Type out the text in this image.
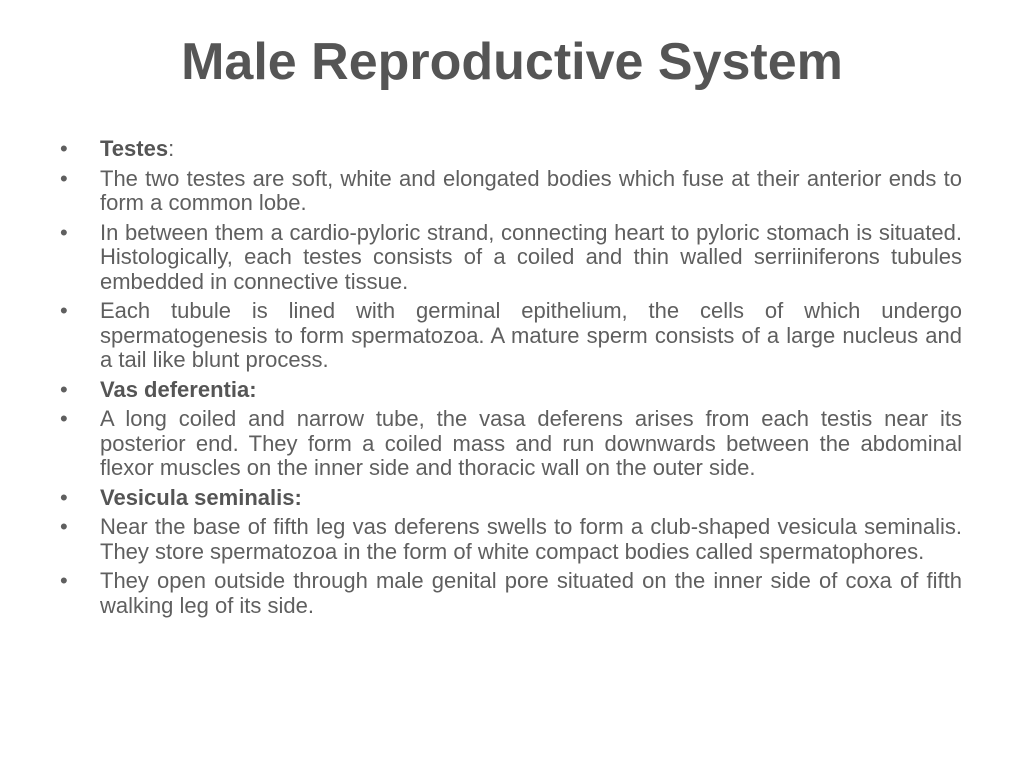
Male Reproductive System
• Testes:
• The two testes are soft, white and elongated bodies which fuse at their anterior ends to form a common lobe.
• In between them a cardio-pyloric strand, connecting heart to pyloric stomach is situated. Histologically, each testes consists of a coiled and thin walled serriiniferons tubules embedded in connective tissue.
• Each tubule is lined with germinal epithelium, the cells of which undergo spermatogenesis to form spermatozoa. A mature sperm consists of a large nucleus and a tail like blunt process.
• Vas deferentia:
• A long coiled and narrow tube, the vasa deferens arises from each testis near its posterior end. They form a coiled mass and run downwards between the abdominal flexor muscles on the inner side and thoracic wall on the outer side.
• Vesicula seminalis:
• Near the base of fifth leg vas deferens swells to form a club-shaped vesicula seminalis. They store spermatozoa in the form of white compact bodies called spermatophores.
• They open outside through male genital pore situated on the inner side of coxa of fifth walking leg of its side.
